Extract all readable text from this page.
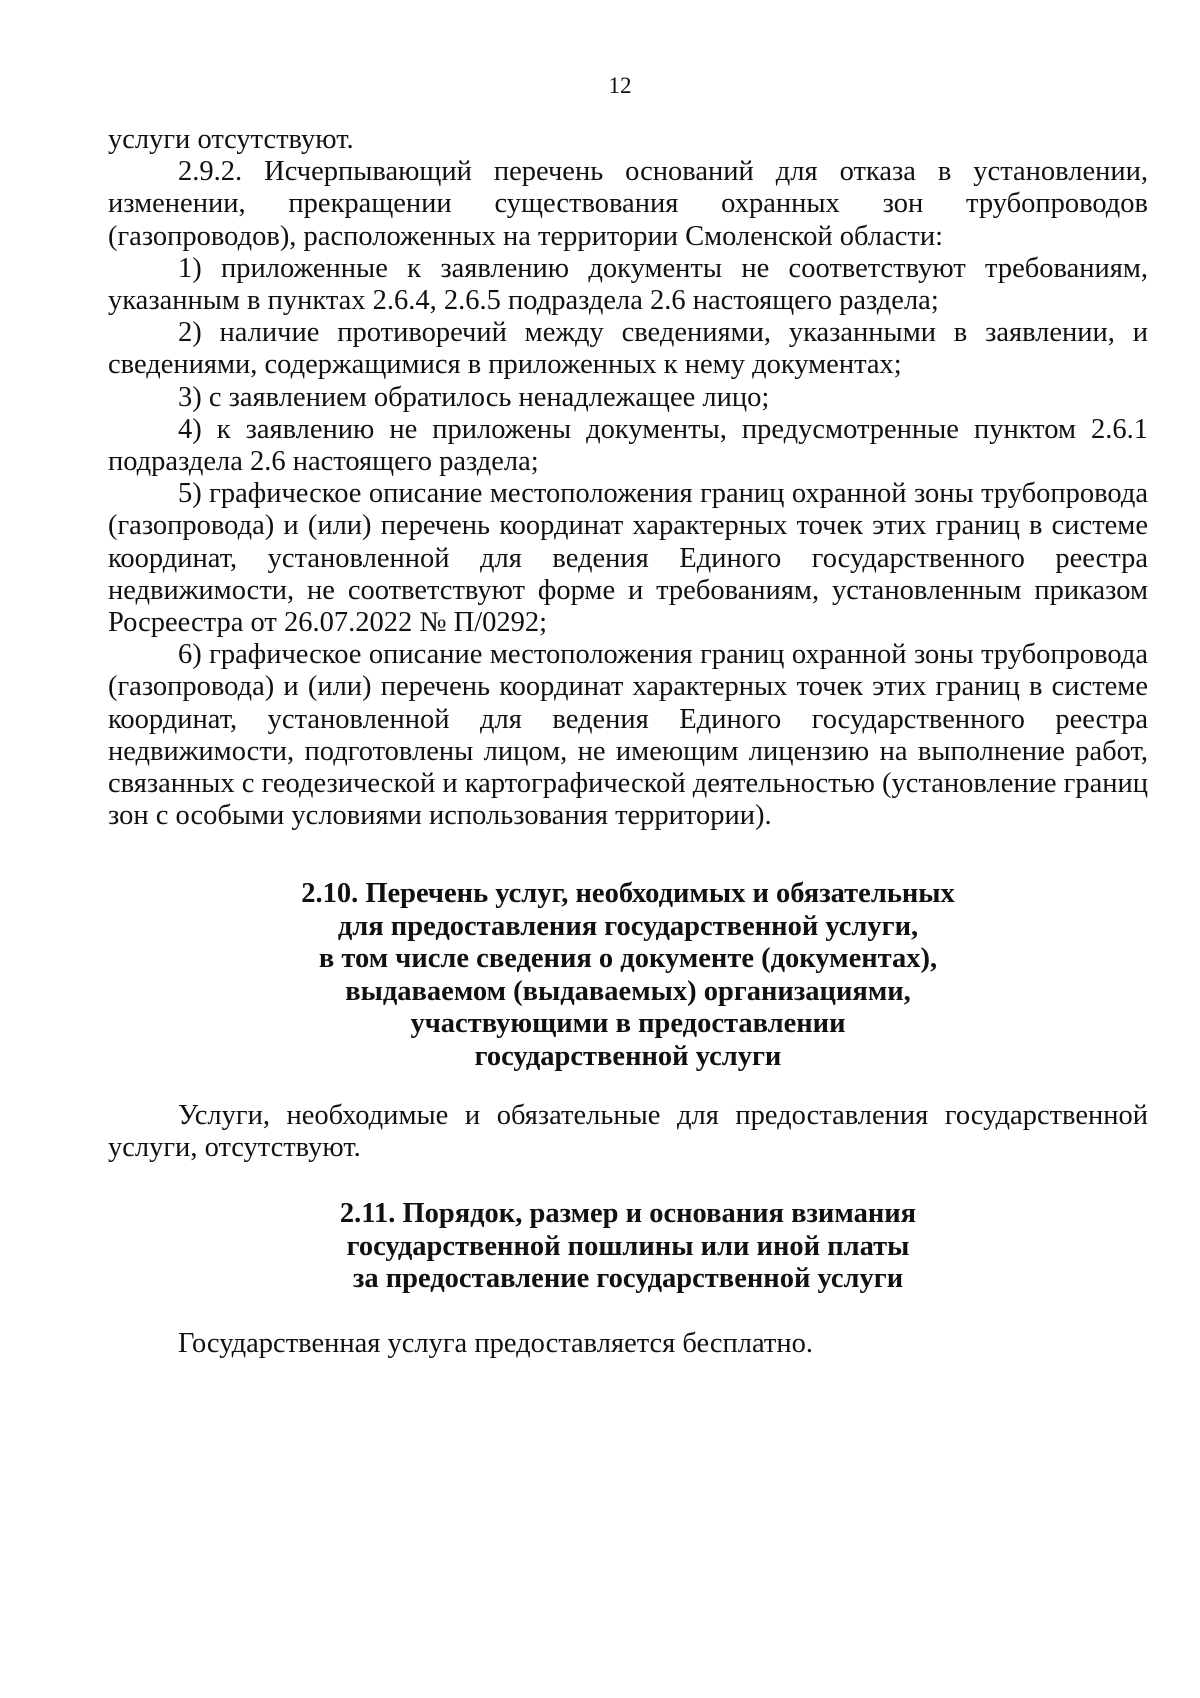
12

услуги отсутствуют.

2.9.2. Исчерпывающий перечень оснований для отказа в установлении, изменении, прекращении существования охранных зон трубопроводов (газопроводов), расположенных на территории Смоленской области:

1) приложенные к заявлению документы не соответствуют требованиям, указанным в пунктах 2.6.4, 2.6.5 подраздела 2.6 настоящего раздела;

2) наличие противоречий между сведениями, указанными в заявлении, и сведениями, содержащимися в приложенных к нему документах;

3) с заявлением обратилось ненадлежащее лицо;

4) к заявлению не приложены документы, предусмотренные пунктом 2.6.1 подраздела 2.6 настоящего раздела;

5) графическое описание местоположения границ охранной зоны трубопровода (газопровода) и (или) перечень координат характерных точек этих границ в системе координат, установленной для ведения Единого государственного реестра недвижимости, не соответствуют форме и требованиям, установленным приказом Росреестра от 26.07.2022 № П/0292;

6) графическое описание местоположения границ охранной зоны трубопровода (газопровода) и (или) перечень координат характерных точек этих границ в системе координат, установленной для ведения Единого государственного реестра недвижимости, подготовлены лицом, не имеющим лицензию на выполнение работ, связанных с геодезической и картографической деятельностью (установление границ зон с особыми условиями использования территории).

2.10. Перечень услуг, необходимых и обязательных
для предоставления государственной услуги,
в том числе сведения о документе (документах),
выдаваемом (выдаваемых) организациями,
участвующими в предоставлении
государственной услуги

Услуги, необходимые и обязательные для предоставления государственной услуги, отсутствуют.

2.11. Порядок, размер и основания взимания
государственной пошлины или иной платы
за предоставление государственной услуги

Государственная услуга предоставляется бесплатно.
